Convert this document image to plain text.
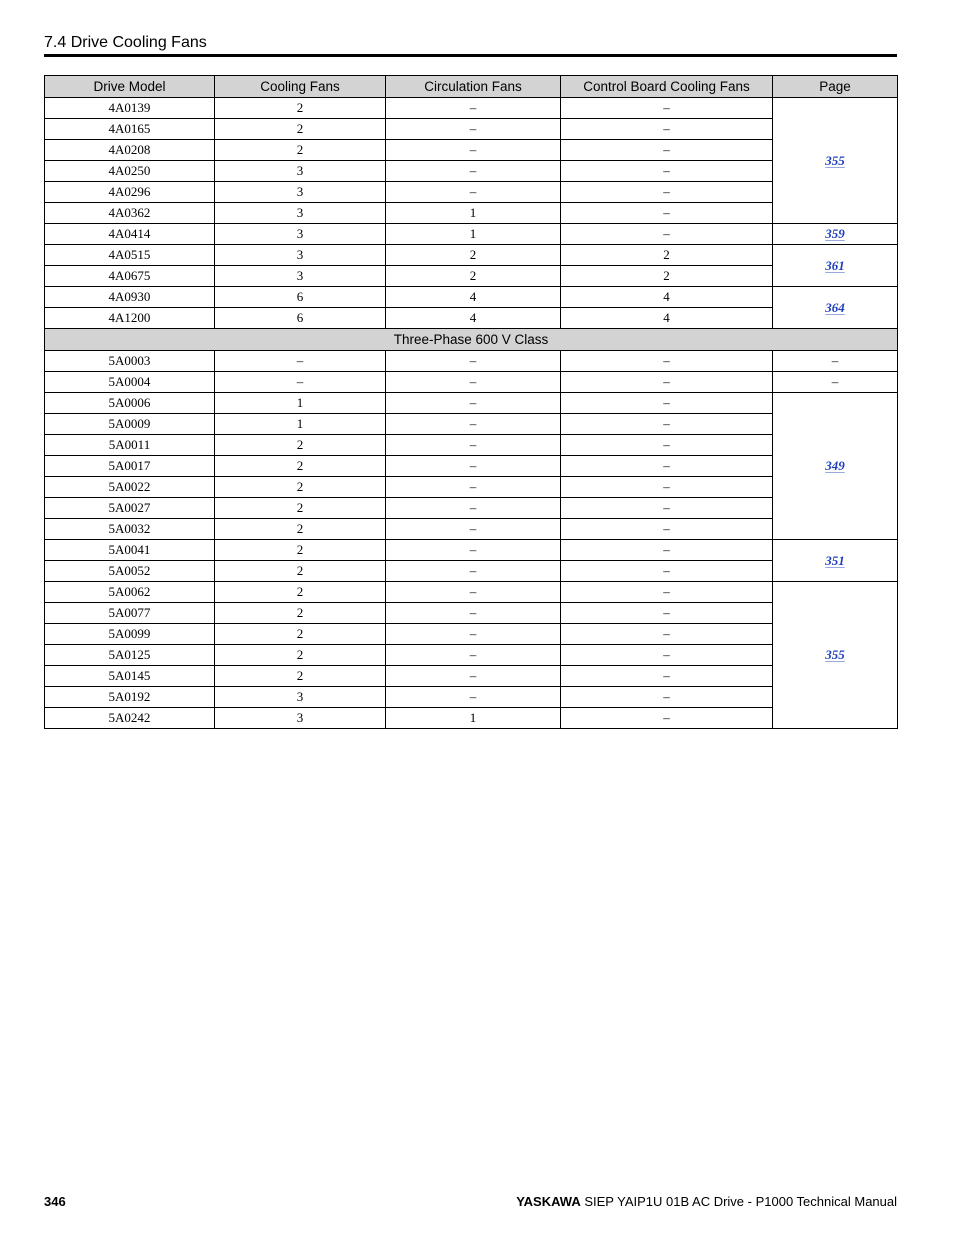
7.4 Drive Cooling Fans
Drive Model	Cooling Fans	Circulation Fans	Control Board Cooling Fans	Page
4A0139	2	–	–	355
4A0165	2	–	–	
4A0208	2	–	–	
4A0250	3	–	–	
4A0296	3	–	–	
4A0362	3	1	–	
4A0414	3	1	–	359
4A0515	3	2	2	361
4A0675	3	2	2	
4A0930	6	4	4	364
4A1200	6	4	4	
Three-Phase 600 V Class				
5A0003	–	–	–	–
5A0004	–	–	–	–
5A0006	1	–	–	349
5A0009	1	–	–	
5A0011	2	–	–	
5A0017	2	–	–	
5A0022	2	–	–	
5A0027	2	–	–	
5A0032	2	–	–	
5A0041	2	–	–	351
5A0052	2	–	–	
5A0062	2	–	–	355
5A0077	2	–	–	
5A0099	2	–	–	
5A0125	2	–	–	
5A0145	2	–	–	
5A0192	3	–	–	
5A0242	3	1	–	
346	YASKAWA SIEP YAIP1U 01B AC Drive - P1000 Technical Manual
